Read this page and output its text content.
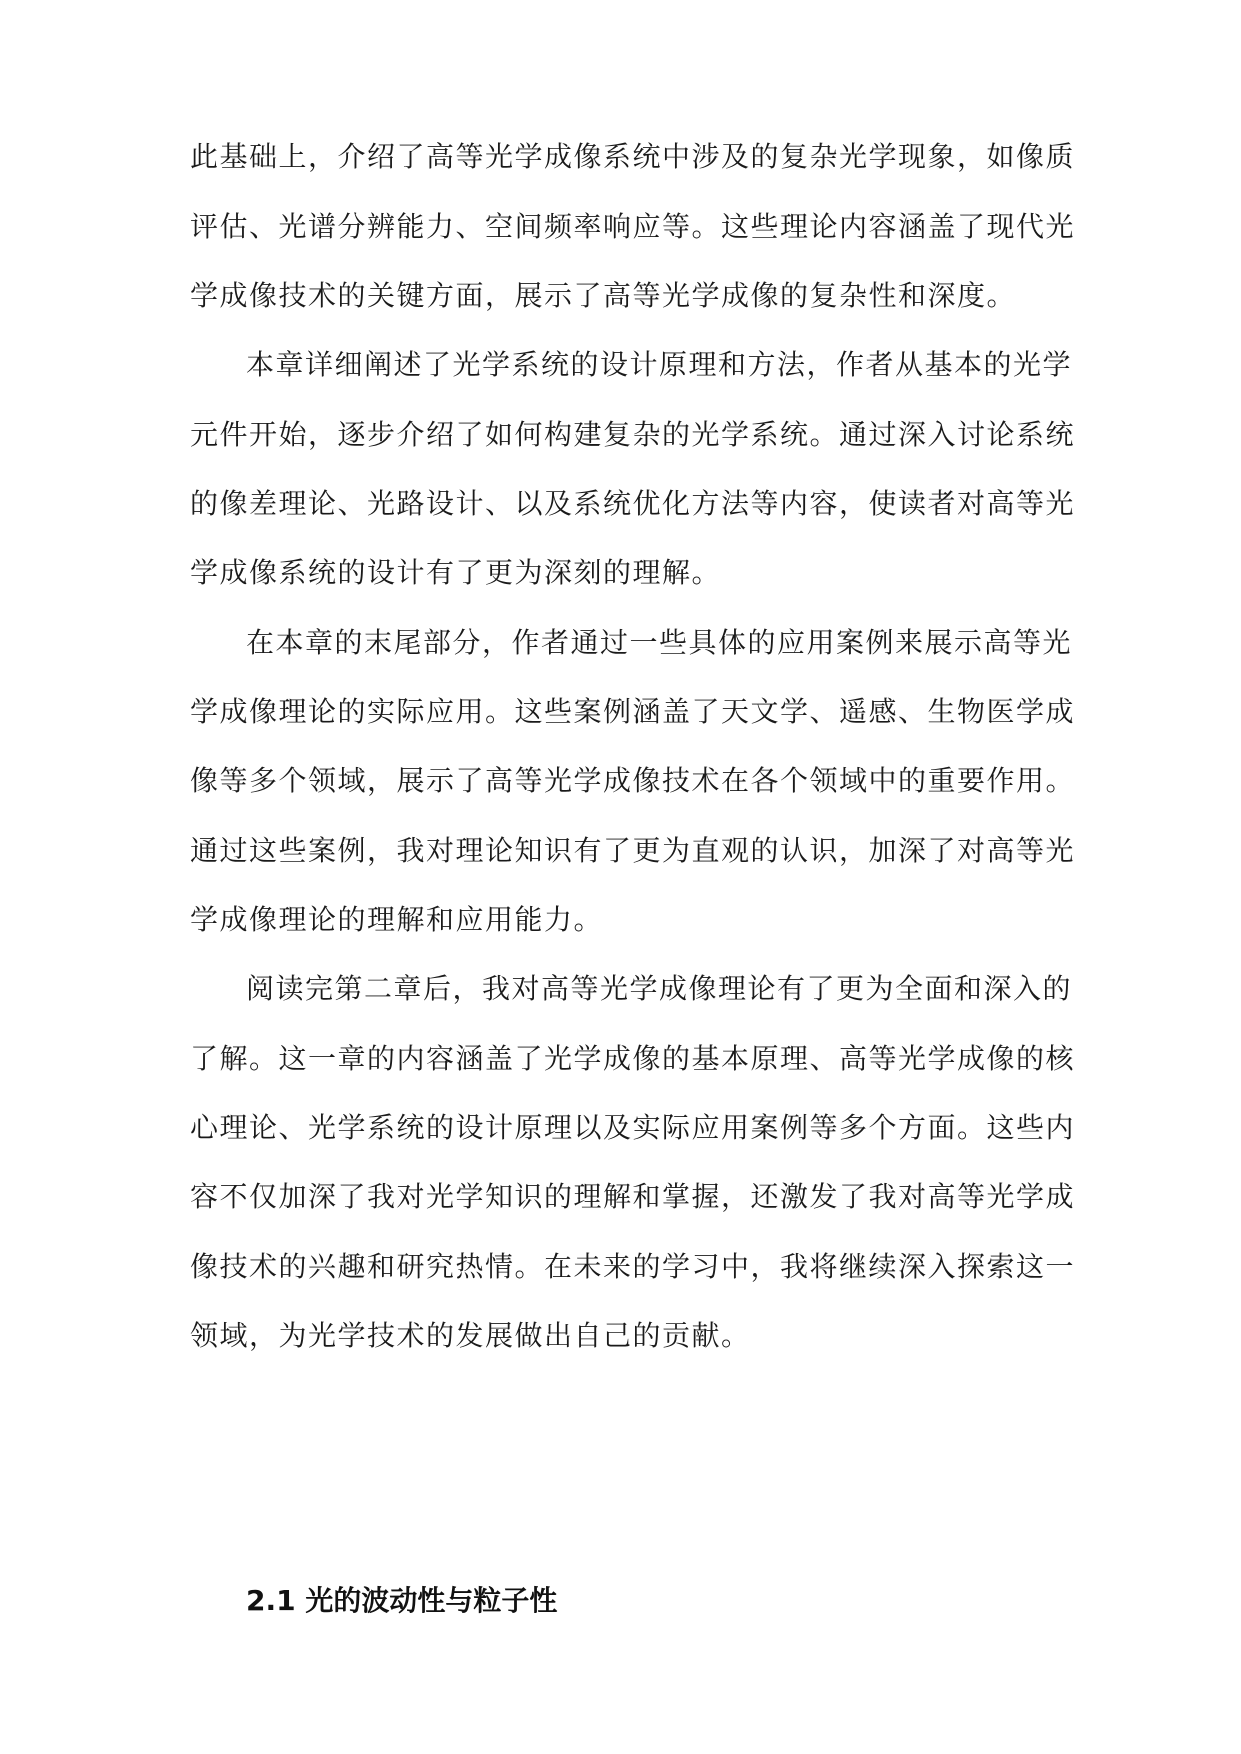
此基础上，介绍了高等光学成像系统中涉及的复杂光学现象，如像质
评估、光谱分辨能力、空间频率响应等。这些理论内容涵盖了现代光
学成像技术的关键方面，展示了高等光学成像的复杂性和深度。
本章详细阐述了光学系统的设计原理和方法，作者从基本的光学
元件开始，逐步介绍了如何构建复杂的光学系统。通过深入讨论系统
的像差理论、光路设计、以及系统优化方法等内容，使读者对高等光
学成像系统的设计有了更为深刻的理解。
在本章的末尾部分，作者通过一些具体的应用案例来展示高等光
学成像理论的实际应用。这些案例涵盖了天文学、遥感、生物医学成
像等多个领域，展示了高等光学成像技术在各个领域中的重要作用。
通过这些案例，我对理论知识有了更为直观的认识，加深了对高等光
学成像理论的理解和应用能力。
阅读完第二章后，我对高等光学成像理论有了更为全面和深入的
了解。这一章的内容涵盖了光学成像的基本原理、高等光学成像的核
心理论、光学系统的设计原理以及实际应用案例等多个方面。这些内
容不仅加深了我对光学知识的理解和掌握，还激发了我对高等光学成
像技术的兴趣和研究热情。在未来的学习中，我将继续深入探索这一
领域，为光学技术的发展做出自己的贡献。
2.1 光的波动性与粒子性
